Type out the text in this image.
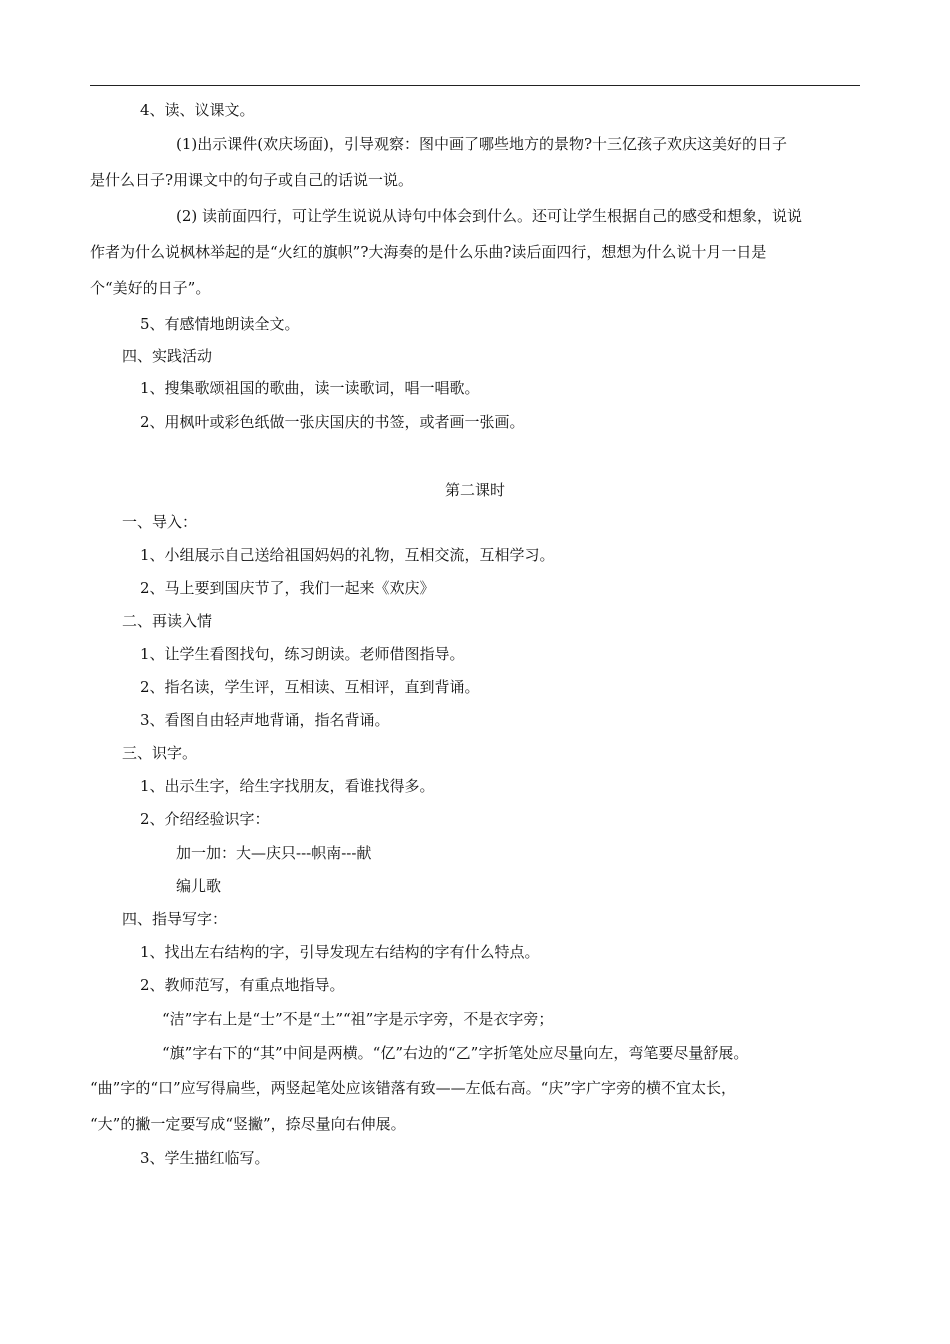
4、读、议课文。
(1)出示课件(欢庆场面)，引导观察：图中画了哪些地方的景物?十三亿孩子欢庆这美好的日子
是什么日子?用课文中的句子或自己的话说一说。
(2) 读前面四行，可让学生说说从诗句中体会到什么。还可让学生根据自己的感受和想象，说说
作者为什么说枫林举起的是“火红的旗帜”?大海奏的是什么乐曲?读后面四行，想想为什么说十月一日是
个“美好的日子”。
5、有感情地朗读全文。
四、实践活动
1、搜集歌颂祖国的歌曲，读一读歌词，唱一唱歌。
2、用枫叶或彩色纸做一张庆国庆的书签，或者画一张画。
第二课时
一、导入：
1、小组展示自己送给祖国妈妈的礼物，互相交流，互相学习。
2、马上要到国庆节了，我们一起来《欢庆》
二、再读入情
1、让学生看图找句，练习朗读。老师借图指导。
2、指名读，学生评，互相读、互相评，直到背诵。
3、看图自由轻声地背诵，指名背诵。
三、识字。
1、出示生字，给生字找朋友，看谁找得多。
2、介绍经验识字：
加一加：大—庆只---帜南---献
编儿歌
四、指导写字：
1、找出左右结构的字，引导发现左右结构的字有什么特点。
2、教师范写，有重点地指导。
“洁”字右上是“士”不是“土”“祖”字是示字旁，不是衣字旁；
“旗”字右下的“其”中间是两横。“亿”右边的“乙”字折笔处应尽量向左，弯笔要尽量舒展。
“曲”字的“口”应写得扁些，两竖起笔处应该错落有致——左低右高。“庆”字广字旁的横不宜太长，
“大”的撇一定要写成“竖撇”，捺尽量向右伸展。
3、学生描红临写。
